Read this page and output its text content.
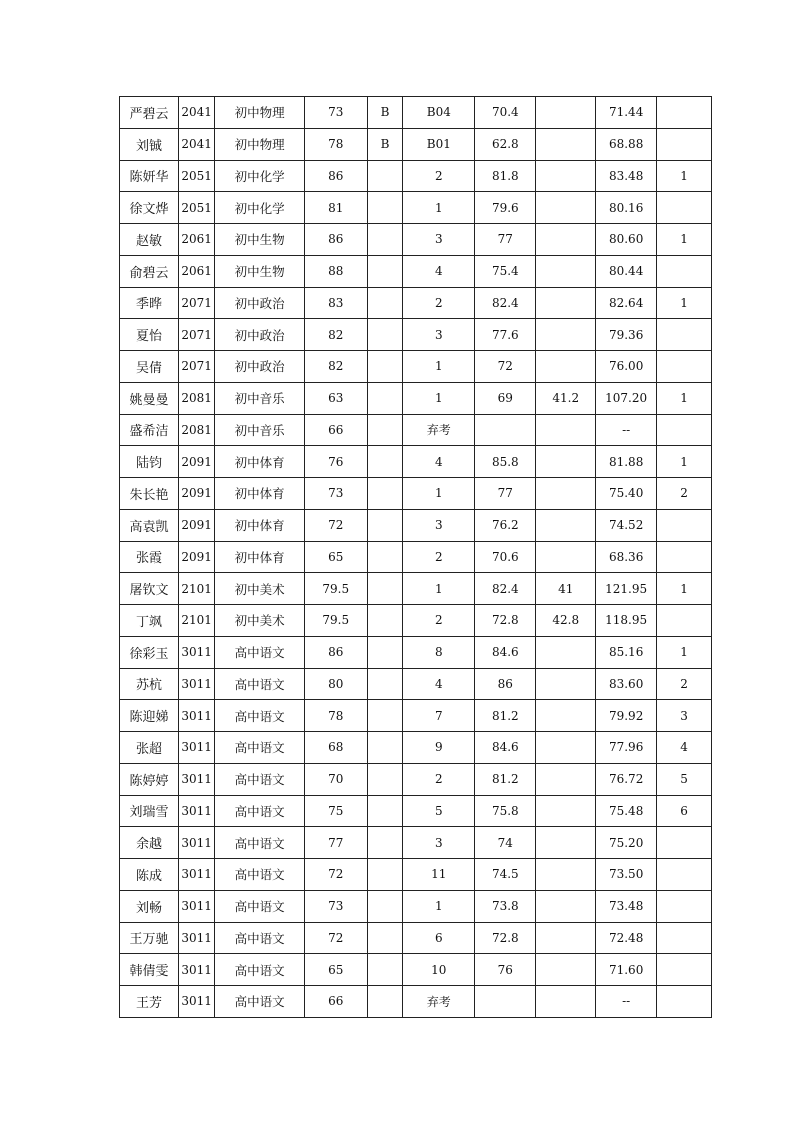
严碧云	2041	初中物理	73	B	B04	70.4		71.44	
刘铖	2041	初中物理	78	B	B01	62.8		68.88	
陈妍华	2051	初中化学	86		2	81.8		83.48	1
徐文烨	2051	初中化学	81		1	79.6		80.16	
赵敏	2061	初中生物	86		3	77		80.60	1
俞碧云	2061	初中生物	88		4	75.4		80.44	
季晔	2071	初中政治	83		2	82.4		82.64	1
夏怡	2071	初中政治	82		3	77.6		79.36	
吴倩	2071	初中政治	82		1	72		76.00	
姚曼曼	2081	初中音乐	63		1	69	41.2	107.20	1
盛希洁	2081	初中音乐	66		弃考			--	
陆钧	2091	初中体育	76		4	85.8		81.88	1
朱长艳	2091	初中体育	73		1	77		75.40	2
高袁凯	2091	初中体育	72		3	76.2		74.52	
张霞	2091	初中体育	65		2	70.6		68.36	
屠钦文	2101	初中美术	79.5		1	82.4	41	121.95	1
丁飒	2101	初中美术	79.5		2	72.8	42.8	118.95	
徐彩玉	3011	高中语文	86		8	84.6		85.16	1
苏杭	3011	高中语文	80		4	86		83.60	2
陈迎娣	3011	高中语文	78		7	81.2		79.92	3
张超	3011	高中语文	68		9	84.6		77.96	4
陈婷婷	3011	高中语文	70		2	81.2		76.72	5
刘瑞雪	3011	高中语文	75		5	75.8		75.48	6
余越	3011	高中语文	77		3	74		75.20	
陈成	3011	高中语文	72		11	74.5		73.50	
刘畅	3011	高中语文	73		1	73.8		73.48	
王万驰	3011	高中语文	72		6	72.8		72.48	
韩倩雯	3011	高中语文	65		10	76		71.60	
王芳	3011	高中语文	66		弃考			--	
